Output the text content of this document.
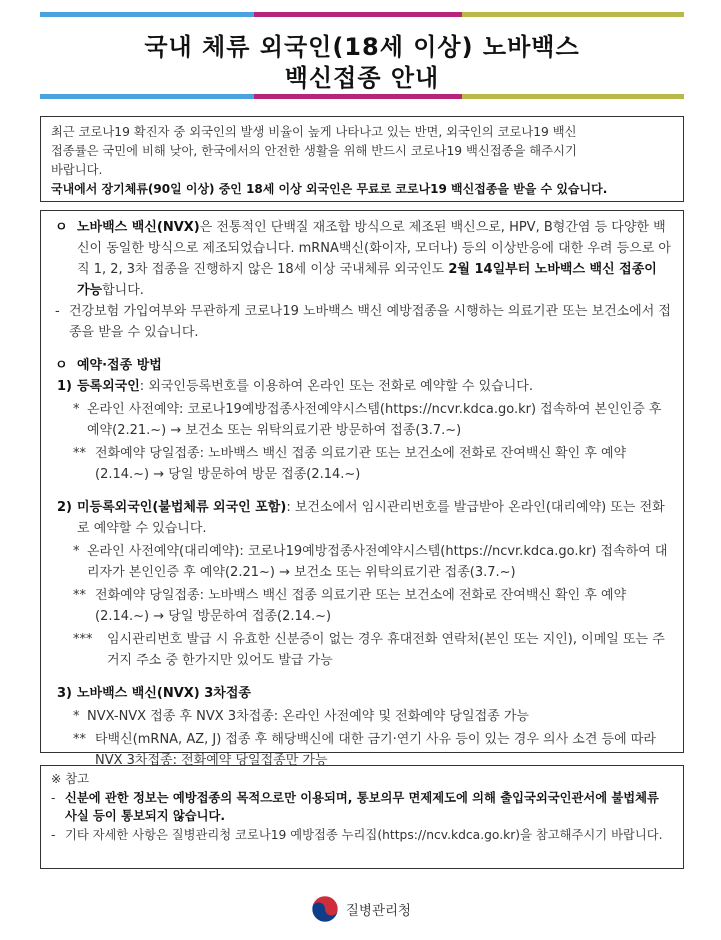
국내 체류 외국인(18세 이상) 노바백스
백신접종 안내

최근 코로나19 확진자 중 외국인의 발생 비율이 높게 나타나고 있는 반면, 외국인의 코로나19 백신

접종률은 국민에 비해 낮아, 한국에서의 안전한 생활을 위해 반드시 코로나19 백신접종을 해주시기

바랍니다.

국내에서 장기체류(90일 이상) 중인 18세 이상 외국인은 무료로 코로나19 백신접종을 받을 수 있습니다.

ㅇ 노바백스 백신(NVX)은 전통적인 단백질 재조합 방식으로 제조된 백신으로, HPV, B형간염 등 다양한 백신이 동일한 방식으로 제조되었습니다. mRNA백신(화이자, 모더나) 등의 이상반응에 대한 우려 등으로 아직 1, 2, 3차 접종을 진행하지 않은 18세 이상 국내체류 외국인도 2월 14일부터 노바백스 백신 접종이 가능합니다.
- 건강보험 가입여부와 무관하게 코로나19 노바백스 백신 예방접종을 시행하는 의료기관 또는 보건소에서 접종을 받을 수 있습니다.
ㅇ 예약·접종 방법
1) 등록외국인: 외국인등록번호를 이용하여 온라인 또는 전화로 예약할 수 있습니다.
* 온라인 사전예약: 코로나19예방접종사전예약시스템(https://ncvr.kdca.go.kr) 접속하여 본인인증 후 예약(2.21.~) → 보건소 또는 위탁의료기관 방문하여 접종(3.7.~)
** 전화예약 당일접종: 노바백스 백신 접종 의료기관 또는 보건소에 전화로 잔여백신 확인 후 예약(2.14.~) → 당일 방문하여 방문 접종(2.14.~)
2) 미등록외국인(불법체류 외국인 포함): 보건소에서 임시관리번호를 발급받아 온라인(대리예약) 또는 전화로 예약할 수 있습니다.
* 온라인 사전예약(대리예약): 코로나19예방접종사전예약시스템(https://ncvr.kdca.go.kr) 접속하여 대리자가 본인인증 후 예약(2.21~) → 보건소 또는 위탁의료기관 접종(3.7.~)
** 전화예약 당일접종: 노바백스 백신 접종 의료기관 또는 보건소에 전화로 잔여백신 확인 후 예약(2.14.~) → 당일 방문하여 접종(2.14.~)
***	임시관리번호 발급 시 유효한 신분증이 없는 경우 휴대전화 연락처(본인 또는 지인), 이메일 또는 주거지 주소 중 한가지만 있어도 발급 가능
3) 노바백스 백신(NVX) 3차접종
* NVX-NVX 접종 후 NVX 3차접종: 온라인 사전예약 및 전화예약 당일접종 가능
** 타백신(mRNA, AZ, J) 접종 후 해당백신에 대한 금기·연기 사유 등이 있는 경우 의사 소견 등에 따라 NVX 3차접종: 전화예약 당일접종만 가능

※ 참고

- 신분에 관한 정보는 예방접종의 목적으로만 이용되며, 통보의무 면제제도에 의해 출입국외국인관서에 불법체류 사실 등이 통보되지 않습니다.
- 기타 자세한 사항은 질병관리청 코로나19 예방접종 누리집(https://ncv.kdca.go.kr)을 참고해주시기 바랍니다.
질병관리청
